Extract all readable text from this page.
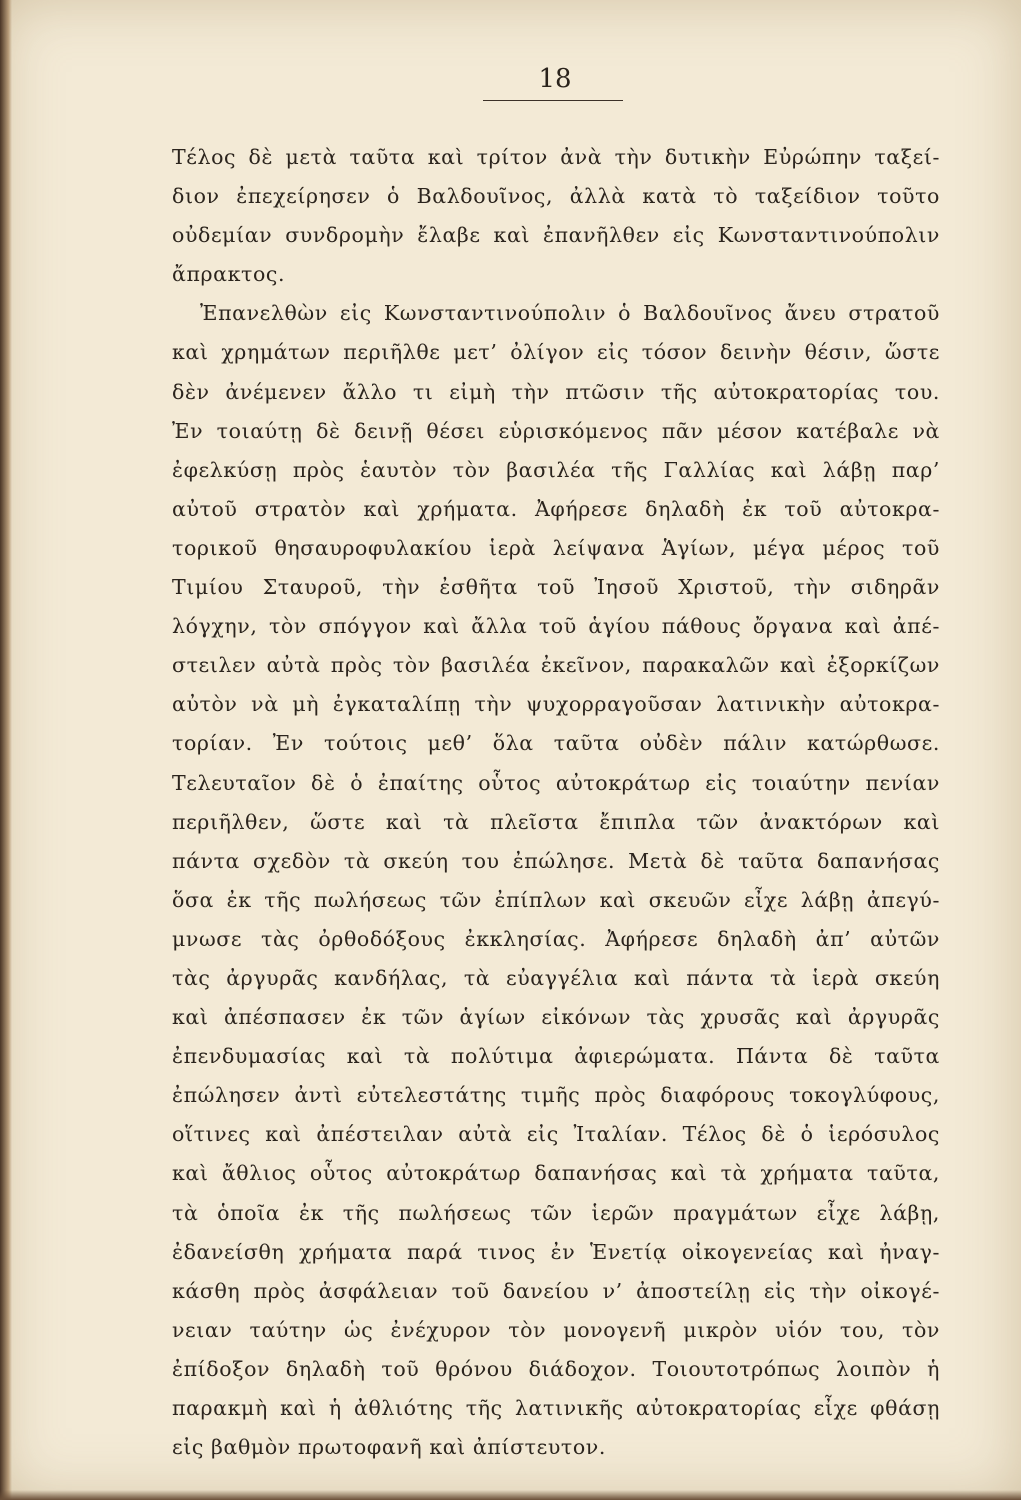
18
Τέλος δὲ μετὰ ταῦτα καὶ τρίτον ἀνὰ τὴν δυτικὴν Εὐρώπην ταξεί-
διον ἐπεχείρησεν ὁ Βαλδουῖνος, ἀλλὰ κατὰ τὸ ταξείδιον τοῦτο
οὐδεμίαν συνδρομὴν ἔλαβε καὶ ἐπανῆλθεν εἰς Κωνσταντινούπολιν
ἄπρακτος.
Ἐπανελθὼν εἰς Κωνσταντινούπολιν ὁ Βαλδουῖνος ἄνευ στρατοῦ
καὶ χρημάτων περιῆλθε μετ’ ὀλίγον εἰς τόσον δεινὴν θέσιν, ὥστε
δὲν ἀνέμενεν ἄλλο τι εἰμὴ τὴν πτῶσιν τῆς αὐτοκρατορίας του.
Ἐν τοιαύτῃ δὲ δεινῇ θέσει εὑρισκόμενος πᾶν μέσον κατέβαλε νὰ
ἐφελκύσῃ πρὸς ἑαυτὸν τὸν βασιλέα τῆς Γαλλίας καὶ λάβῃ παρ’
αὐτοῦ στρατὸν καὶ χρήματα. Ἀφήρεσε δηλαδὴ ἐκ τοῦ αὐτοκρα-
τορικοῦ θησαυροφυλακίου ἱερὰ λείψανα Ἁγίων, μέγα μέρος τοῦ
Τιμίου Σταυροῦ, τὴν ἐσθῆτα τοῦ Ἰησοῦ Χριστοῦ, τὴν σιδηρᾶν
λόγχην, τὸν σπόγγον καὶ ἄλλα τοῦ ἁγίου πάθους ὄργανα καὶ ἀπέ-
στειλεν αὐτὰ πρὸς τὸν βασιλέα ἐκεῖνον, παρακαλῶν καὶ ἐξορκίζων
αὐτὸν νὰ μὴ ἐγκαταλίπῃ τὴν ψυχορραγοῦσαν λατινικὴν αὐτοκρα-
τορίαν. Ἐν τούτοις μεθ’ ὅλα ταῦτα οὐδὲν πάλιν κατώρθωσε.
Τελευταῖον δὲ ὁ ἐπαίτης οὗτος αὐτοκράτωρ εἰς τοιαύτην πενίαν
περιῆλθεν, ὥστε καὶ τὰ πλεῖστα ἔπιπλα τῶν ἀνακτόρων καὶ
πάντα σχεδὸν τὰ σκεύη του ἐπώλησε. Μετὰ δὲ ταῦτα δαπανήσας
ὅσα ἐκ τῆς πωλήσεως τῶν ἐπίπλων καὶ σκευῶν εἶχε λάβῃ ἀπεγύ-
μνωσε τὰς ὀρθοδόξους ἐκκλησίας. Ἀφήρεσε δηλαδὴ ἀπ’ αὐτῶν
τὰς ἀργυρᾶς κανδήλας, τὰ εὐαγγέλια καὶ πάντα τὰ ἱερὰ σκεύη
καὶ ἀπέσπασεν ἐκ τῶν ἁγίων εἰκόνων τὰς χρυσᾶς καὶ ἀργυρᾶς
ἐπενδυμασίας καὶ τὰ πολύτιμα ἀφιερώματα. Πάντα δὲ ταῦτα
ἐπώλησεν ἀντὶ εὐτελεστάτης τιμῆς πρὸς διαφόρους τοκογλύφους,
οἵτινες καὶ ἀπέστειλαν αὐτὰ εἰς Ἰταλίαν. Τέλος δὲ ὁ ἱερόσυλος
καὶ ἄθλιος οὗτος αὐτοκράτωρ δαπανήσας καὶ τὰ χρήματα ταῦτα,
τὰ ὁποῖα ἐκ τῆς πωλήσεως τῶν ἱερῶν πραγμάτων εἶχε λάβῃ,
ἐδανείσθη χρήματα παρά τινος ἐν Ἑνετίᾳ οἰκογενείας καὶ ἠναγ-
κάσθη πρὸς ἀσφάλειαν τοῦ δανείου ν’ ἀποστείλῃ εἰς τὴν οἰκογέ-
νειαν ταύτην ὡς ἐνέχυρον τὸν μονογενῆ μικρὸν υἱόν του, τὸν
ἐπίδοξον δηλαδὴ τοῦ θρόνου διάδοχον. Τοιουτοτρόπως λοιπὸν ἡ
παρακμὴ καὶ ἡ ἀθλιότης τῆς λατινικῆς αὐτοκρατορίας εἶχε φθάσῃ
εἰς βαθμὸν πρωτοφανῆ καὶ ἀπίστευτον.
